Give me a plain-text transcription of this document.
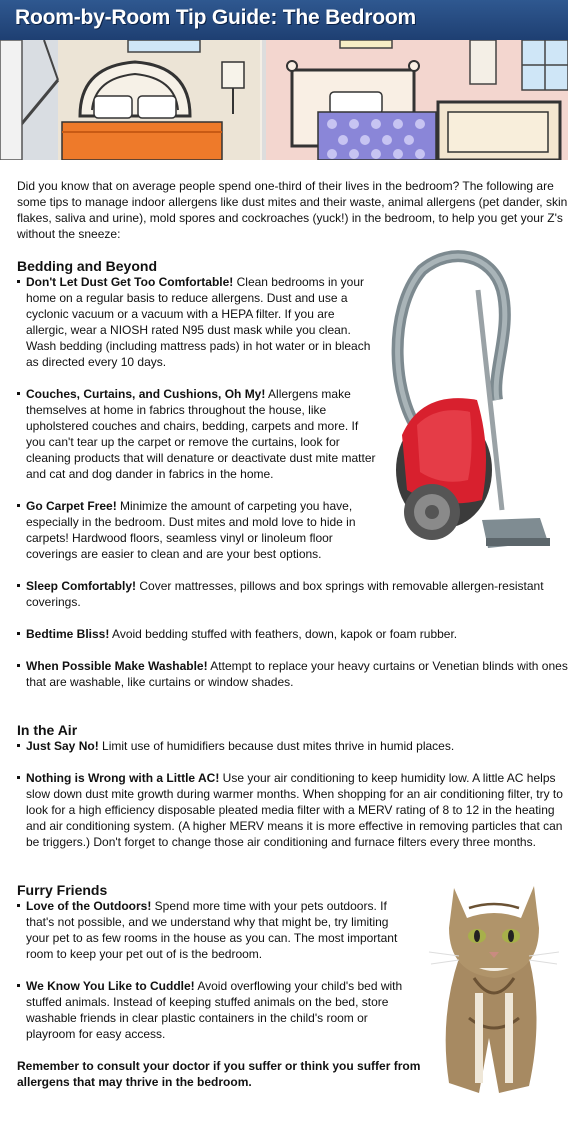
Room-by-Room Tip Guide: The Bedroom

Did you know that on average people spend one-third of their lives in the bedroom? The following are some tips to manage indoor allergens like dust mites and their waste, animal allergens (pet dander, skin flakes, saliva and urine), mold spores and cockroaches (yuck!) in the bedroom, to help you get your Z's without the sneeze:

Bedding and Beyond
Don't Let Dust Get Too Comfortable! Clean bedrooms in your home on a regular basis to reduce allergens. Dust and use a cyclonic vacuum or a vacuum with a HEPA filter. If you are allergic, wear a NIOSH rated N95 dust mask while you clean. Wash bedding (including mattress pads) in hot water or in bleach as directed every 10 days.
Couches, Curtains, and Cushions, Oh My! Allergens make themselves at home in fabrics throughout the house, like upholstered couches and chairs, bedding, carpets and more. If you can't tear up the carpet or remove the curtains, look for cleaning products that will denature or deactivate dust mite matter and cat and dog dander in fabrics in the home.
Go Carpet Free! Minimize the amount of carpeting you have, especially in the bedroom. Dust mites and mold love to hide in carpets! Hardwood floors, seamless vinyl or linoleum floor coverings are easier to clean and are your best options.
Sleep Comfortably! Cover mattresses, pillows and box springs with removable allergen-resistant coverings.
Bedtime Bliss! Avoid bedding stuffed with feathers, down, kapok or foam rubber.
When Possible Make Washable! Attempt to replace your heavy curtains or Venetian blinds with ones that are washable, like curtains or window shades.
In the Air
Just Say No! Limit use of humidifiers because dust mites thrive in humid places.
Nothing is Wrong with a Little AC! Use your air conditioning to keep humidity low. A little AC helps slow down dust mite growth during warmer months. When shopping for an air conditioning filter, try to look for a high efficiency disposable pleated media filter with a MERV rating of 8 to 12 in the heating and air conditioning system. (A higher MERV means it is more effective in removing particles that can be triggers.) Don't forget to change those air conditioning and furnace filters every three months.
Furry Friends
Love of the Outdoors! Spend more time with your pets outdoors. If that's not possible, and we understand why that might be, try limiting your pet to as few rooms in the house as you can. The most important room to keep your pet out of is the bedroom.
We Know You Like to Cuddle! Avoid overflowing your child's bed with stuffed animals. Instead of keeping stuffed animals on the bed, store washable friends in clear plastic containers in the child's room or playroom for easy access.

Remember to consult your doctor if you suffer or think you suffer from allergens that may thrive in the bedroom.
